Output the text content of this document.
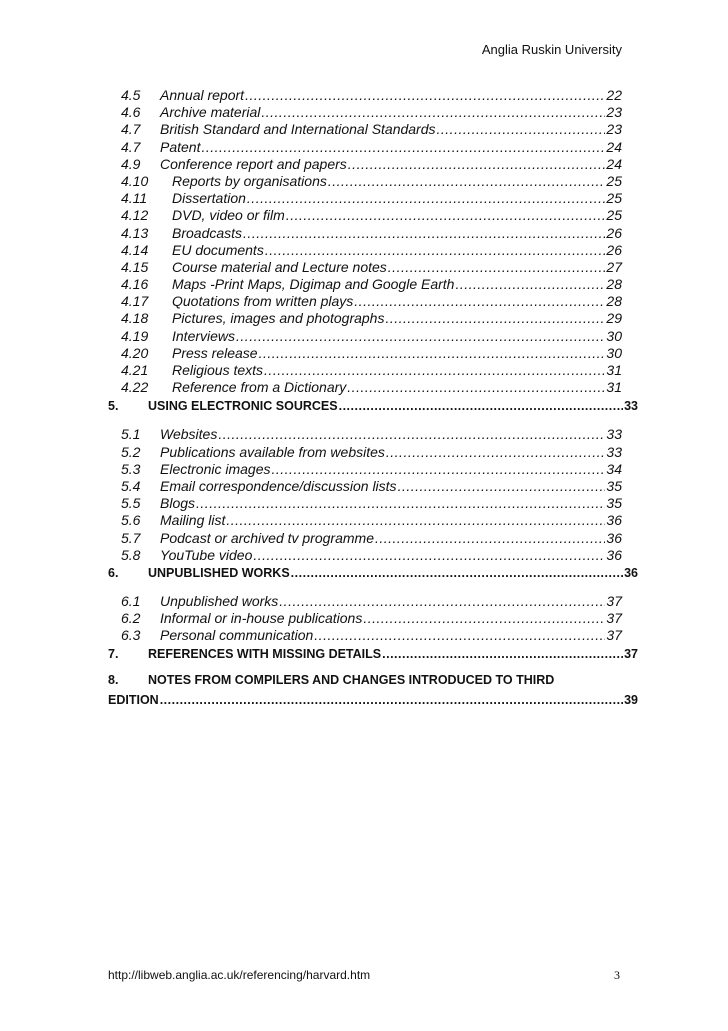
Anglia Ruskin University
4.5 Annual report .....	22
4.6 Archive material .....	23
4.7 British Standard and International Standards .....	23
4.7 Patent .....	24
4.9 Conference report and papers .....	24
4.10 Reports by organisations .....	25
4.11 Dissertation .....	25
4.12 DVD, video or film .....	25
4.13 Broadcasts .....	26
4.14 EU documents .....	26
4.15 Course material and Lecture notes .....	27
4.16 Maps -Print Maps, Digimap and Google Earth .....	28
4.17 Quotations from written plays .....	28
4.18 Pictures, images and photographs .....	29
4.19 Interviews .....	30
4.20 Press release .....	30
4.21 Religious texts .....	31
4.22 Reference from a Dictionary .....	31
5. USING ELECTRONIC SOURCES .....	33
5.1 Websites .....	33
5.2 Publications available from websites .....	33
5.3 Electronic images .....	34
5.4 Email correspondence/discussion lists .....	35
5.5 Blogs .....	35
5.6 Mailing list .....	36
5.7 Podcast or archived tv programme .....	36
5.8 YouTube video .....	36
6. UNPUBLISHED WORKS .....	36
6.1 Unpublished works .....	37
6.2 Informal or in-house publications .....	37
6.3 Personal communication .....	37
7. REFERENCES WITH MISSING DETAILS .....	37
8. NOTES FROM COMPILERS AND CHANGES INTRODUCED TO THIRD
EDITION .....	39
http://libweb.anglia.ac.uk/referencing/harvard.htm	3
